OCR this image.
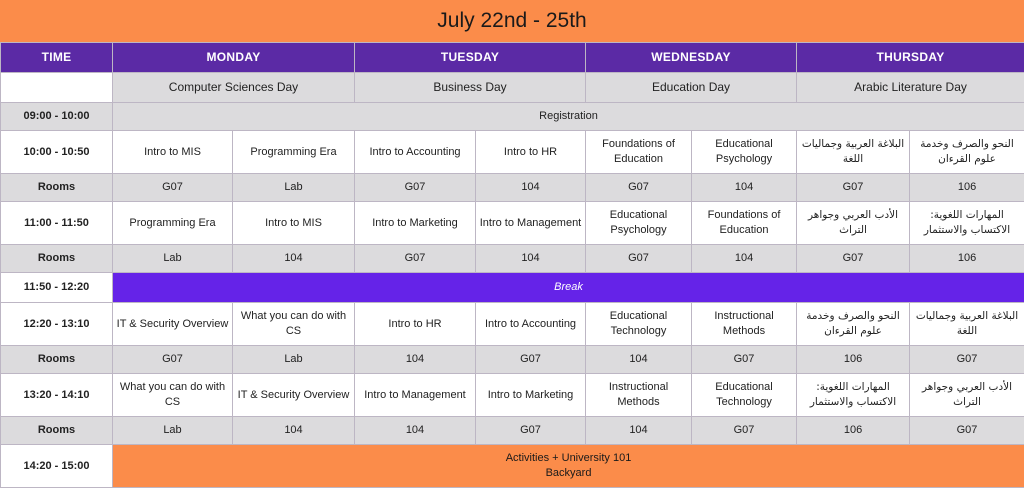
July 22nd - 25th
TIME	MONDAY		TUESDAY		WEDNESDAY		THURSDAY	
	Computer Sciences Day		Business Day		Education Day		Arabic Literature Day	
09:00 - 10:00	Registration							
10:00 - 10:50	Intro to MIS	Programming Era	Intro to Accounting	Intro to HR	Foundations of Education	Educational Psychology	البلاغة العربية وجماليات اللغة	النحو والصرف وخدمة علوم القرءان
Rooms	G07	Lab	G07	104	G07	104	G07	106
11:00 - 11:50	Programming Era	Intro to MIS	Intro to Marketing	Intro to Management	Educational Psychology	Foundations of Education	الأدب العربي وجواهر التراث	المهارات اللغوية: الاكتساب والاستثمار
Rooms	Lab	104	G07	104	G07	104	G07	106
11:50 - 12:20	Break							
12:20 - 13:10	IT & Security Overview	What you can do with CS	Intro to HR	Intro to Accounting	Educational Technology	Instructional Methods	النحو والصرف وخدمة علوم القرءان	البلاغة العربية وجماليات اللغة
Rooms	G07	Lab	104	G07	104	G07	106	G07
13:20 - 14:10	What you can do with CS	IT & Security Overview	Intro to Management	Intro to Marketing	Instructional Methods	Educational Technology	المهارات اللغوية: الاكتساب والاستثمار	الأدب العربي وجواهر التراث
Rooms	Lab	104	104	G07	104	G07	106	G07
14:20 - 15:00	Activities + University 101
Backyard							
